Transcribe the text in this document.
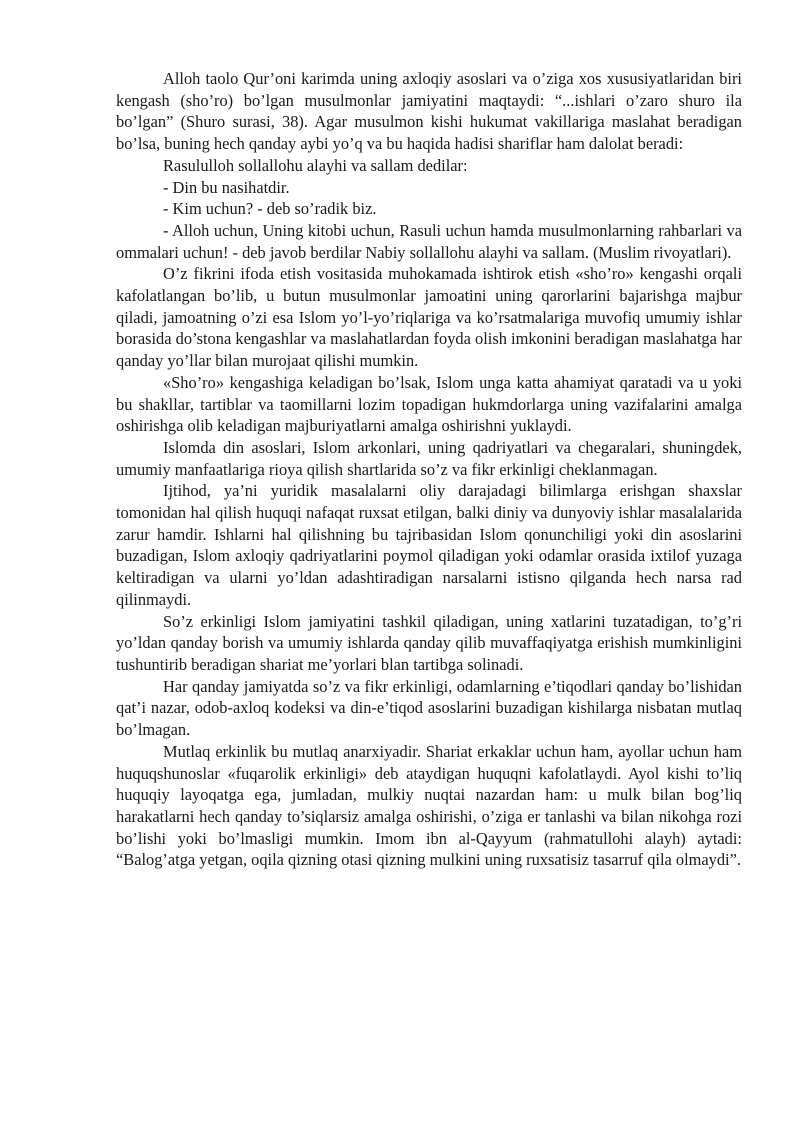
Alloh taolo Qur’oni karimda uning axloqiy asoslari va o’ziga xos xususiyatlaridan biri kengash (sho’ro) bo’lgan musulmonlar jamiyatini maqtaydi: “...ishlari o’zaro shuro ila bo’lgan” (Shuro surasi, 38). Agar musulmon kishi hukumat vakillariga maslahat beradigan bo’lsa, buning hech qanday aybi yo’q va bu haqida hadisi shariflar ham dalolat beradi:

Rasululloh sollallohu alayhi va sallam dedilar:

- Din bu nasihatdir.

- Kim uchun? - deb so’radik biz.

- Alloh uchun, Uning kitobi uchun, Rasuli uchun hamda musulmonlarning rahbarlari va ommalari uchun! - deb javob berdilar Nabiy sollallohu alayhi va sallam. (Muslim rivoyatlari).

O’z fikrini ifoda etish vositasida muhokamada ishtirok etish «sho’ro» kengashi orqali kafolatlangan bo’lib, u butun musulmonlar jamoatini uning qarorlarini bajarishga majbur qiladi, jamoatning o’zi esa Islom yo’l-yo’riqlariga va ko’rsatmalariga muvofiq umumiy ishlar borasida do’stona kengashlar va maslahatlardan foyda olish imkonini beradigan maslahatga har qanday yo’llar bilan murojaat qilishi mumkin.

«Sho’ro» kengashiga keladigan bo’lsak, Islom unga katta ahamiyat qaratadi va u yoki bu shakllar, tartiblar va taomillarni lozim topadigan hukmdorlarga uning vazifalarini amalga oshirishga olib keladigan majburiyatlarni amalga oshirishni yuklaydi.

Islomda din asoslari, Islom arkonlari, uning qadriyatlari va chegaralari, shuningdek, umumiy manfaatlariga rioya qilish shartlarida so’z va fikr erkinligi cheklanmagan.

Ijtihod, ya’ni yuridik masalalarni oliy darajadagi bilimlarga erishgan shaxslar tomonidan hal qilish huquqi nafaqat ruxsat etilgan, balki diniy va dunyoviy ishlar masalalarida zarur hamdir. Ishlarni hal qilishning bu tajribasidan Islom qonunchiligi yoki din asoslarini buzadigan, Islom axloqiy qadriyatlarini poymol qiladigan yoki odamlar orasida ixtilof yuzaga keltiradigan va ularni yo’ldan adashtiradigan narsalarni istisno qilganda hech narsa rad qilinmaydi.

So’z erkinligi Islom jamiyatini tashkil qiladigan, uning xatlarini tuzatadigan, to’g’ri yo’ldan qanday borish va umumiy ishlarda qanday qilib muvaffaqiyatga erishish mumkinligini tushuntirib beradigan shariat me’yorlari blan tartibga solinadi.

Har qanday jamiyatda so’z va fikr erkinligi, odamlarning e’tiqodlari qanday bo’lishidan qat’i nazar, odob-axloq kodeksi va din-e’tiqod asoslarini buzadigan kishilarga nisbatan mutlaq bo’lmagan.

Mutlaq erkinlik bu mutlaq anarxiyadir. Shariat erkaklar uchun ham, ayollar uchun ham huquqshunoslar «fuqarolik erkinligi» deb ataydigan huquqni kafolatlaydi. Ayol kishi to’liq huquqiy layoqatga ega, jumladan, mulkiy nuqtai nazardan ham: u mulk bilan bog’liq harakatlarni hech qanday to’siqlarsiz amalga oshirishi, o’ziga er tanlashi va bilan nikohga rozi bo’lishi yoki bo’lmasligi mumkin. Imom ibn al-Qayyum (rahmatullohi alayh) aytadi: “Balog’atga yetgan, oqila qizning otasi qizning mulkini uning ruxsatisiz tasarruf qila olmaydi”.
